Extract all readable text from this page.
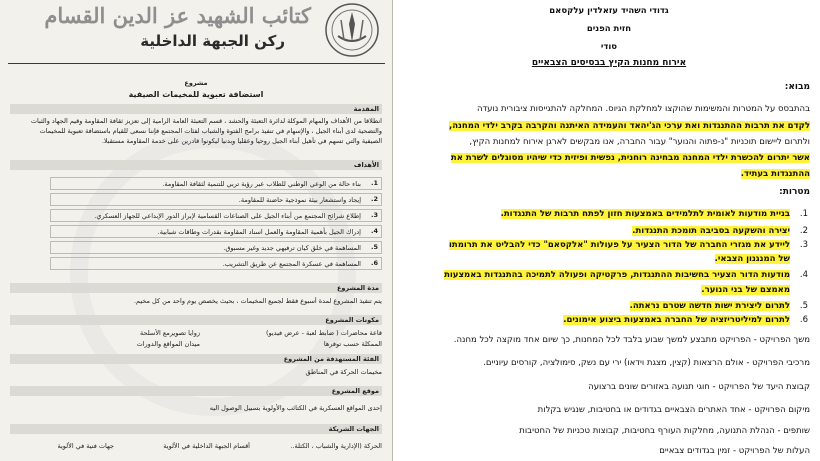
كتائب الشهيد عز الدين القسام
ركن الجبهة الداخلية
مشروع
استضافة تعبوية للمخيمات الصيفية
المقدمة
انطلاقا من الأهداف والمهام الموكلة لدائرة التعبئة والحشد ، قسم التعبئة العامة الرامية إلى تعزيز ثقافة المقاومة وقيم الجهاد والثبات
والتضحية لدى أبناء الجيل ، والإسهام في تنفيذ برامج الفتوة والشباب لفئات المجتمع فإننا نسعى للقيام باستضافة تعبوية للمخيمات
الصيفية والتي تسهم في تأهيل أبناء الجيل روحيا وعقليا وبدنيا ليكونوا قادرين على خدمة المقاومة مستقبلا.
الأهداف
1.
بناء حالة من الوعي الوطني للطلاب عبر رؤية تربي للتنمية لثقافة المقاومة.
2.
إيجاد واستشعار بيئة نموذجية حاضنة للمقاومة.
3.
إطلاع شرائح المجتمع من أبناء الجيل على الصناعات القسامية لإبراز الدور الإبداعي للجهاز العسكري.
4.
إدراك الجيل بأهمية المقاومة والعمل اسناد المقاومة بقدرات وطاقات شبابية.
5.
المساهمة في خلق كيان ترفيهي جديد وغير مسبوق.
6.
المساهمة في عسكرة المجتمع عن طريق التشريب.
مدة المشروع
يتم تنفيذ المشروع لمدة أسبوع فقط لجميع المخيمات ، بحيث يخصص يوم واحد من كل مخيم.
مكونات المشروع
قاعة محاضرات ( ضابط لعبة - عرض فيديو)
زوايا تصويرمع الأسلحة
الممكلة حسب توفرها
ميدان المواقع والدورات
الفئة المستهدفة من المشروع
مخيمات الحركة في المناطق
موقع المشروع
إحدى المواقع العسكرية في الكتائب والأولوية بسبيل الوصول اليه
الجهات الشريكة
الحركة (الإدارية والشباب ، الكتلة..
أقسام الجبهة الداخلية في الألوية
جهات فنية في الألوية
גדודי השהיד עזאלדין עלקסאם
חזית הפנים
סודי
אירוח מחנות הקיץ בבסיסים הצבאיים
מבוא:
בהתבסס על המטרות והמשימות שהוקצו למחלקת הגיוס. המחלקה להתגייסות ציבורית נועדה
לקדם את תרבות ההתנגדות ואת ערכי הג'יהאד והעמידה האיתנה והקרבה בקרב ילדי המחנה,
ולתרום ליישום תוכניות "נ-פתוה והנוער" עבור החברה, אנו מבקשים לארגן אירוח למחנות הקיץ,
אשר יתרום להכשרת ילדי המחנה מבחינה רוחנית, נפשית ופיזית כדי שיהיו מסוגלים לשרת את
ההתנגדות בעתיד.
מטרות:
1.בניית מודעות לאומית לתלמידים באמצעות חזון לפתח תרבות של התנגדות.
2.יצירה והשקעה בסביבה תומכת התנגדות.
3.ליידע את מגזרי החברה של הדור הצעיר על פעולות "אלקסאם" כדי להבליט את תרומתו
של המנגנון הצבאי.
4.מודעות הדור הצעיר בחשיבות ההתנגדות, פרקטיקה ופעולה לתמיכה בהתנגדות באמצעות
מאמצם של בני הנוער.
5.לתרום ליצירת ישות חדשה שטרם נראתה.
6.לתרום למיליטריזציה של החברה באמצעות ביצוע אימונים.
משך הפרויקט - הפרויקט מתבצע למשך שבוע בלבד לכל המחנות, כך שיום אחד מוקצה לכל מחנה.
מרכיבי הפרויקט - אולם הרצאות (קצין, מצגת וידאו) ירי עם נשק, סימולציה, קורסים עיוניים.
קבוצת היעד של הפרויקט - חוגי תנועה באזורים שונים ברצועה
מיקום הפרויקט - אחד האתרים הצבאיים בגדודים או בחטיבות, שנגיש בקלות
שותפים - הנהלת התנועה, מחלקות העורף בחטיבות, קבוצות טכניות של החטיבות
העלות של הפרויקט - זמין בגדודים צבאיים
